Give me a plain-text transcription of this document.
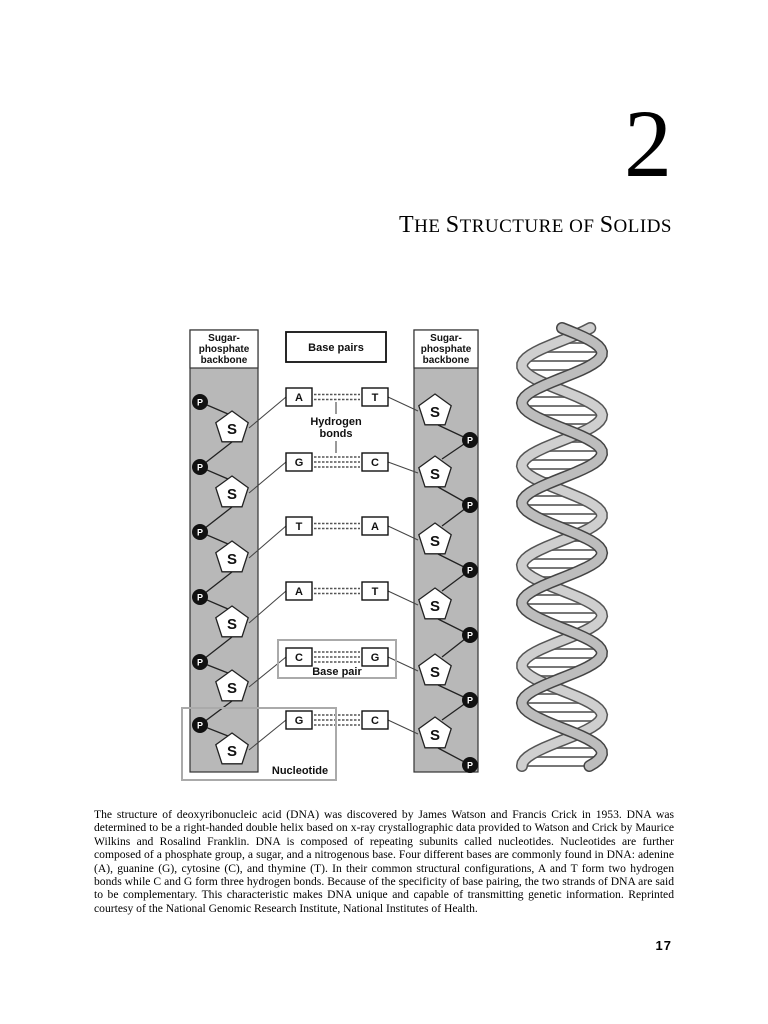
2
THE STRUCTURE OF SOLIDS
Sugar-
phosphate
backbone
Sugar-
phosphate
backbone
Base pairs
P
P
P
P
P
P
S
S
S
S
S
S
P
P
P
P
P
P
S
S
S
S
S
S
A	T
G	C
T	A
A	T
C	G
G	C
Hydrogen
bonds
Base pair
Nucleotide
The structure of deoxyribonucleic acid (DNA) was discovered by James Watson and Francis Crick in 1953. DNA was determined to be a right-handed double helix based on x-ray crystallographic data provided to Watson and Crick by Maurice Wilkins and Rosalind Franklin. DNA is composed of repeating subunits called nucleotides. Nucleotides are further composed of a phosphate group, a sugar, and a nitrogenous base. Four different bases are commonly found in DNA: adenine (A), guanine (G), cytosine (C), and thymine (T). In their common structural configurations, A and T form two hydrogen bonds while C and G form three hydrogen bonds. Because of the specificity of base pairing, the two strands of DNA are said to be complementary. This characteristic makes DNA unique and capable of transmitting genetic information. Reprinted courtesy of the National Genomic Research Institute, National Institutes of Health.
17
